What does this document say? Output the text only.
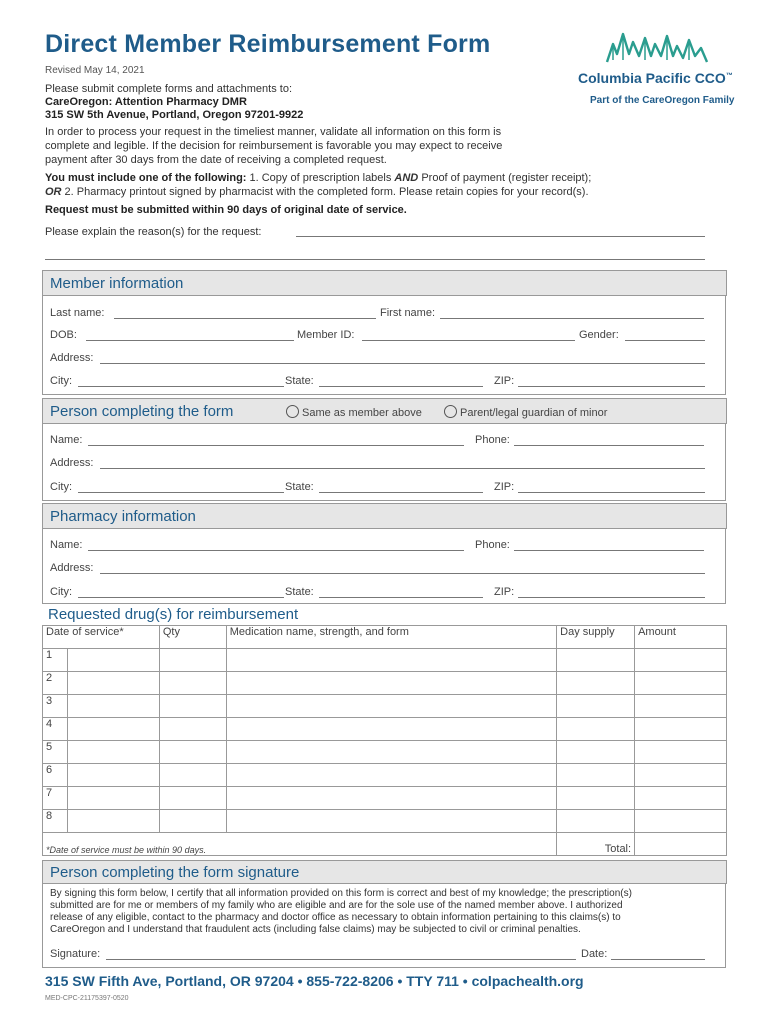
Direct Member Reimbursement Form
Revised May 14, 2021	Columbia Pacific CCO™
Part of the CareOregon Family
Please submit complete forms and attachments to:
CareOregon: Attention Pharmacy DMR
315 SW 5th Avenue, Portland, Oregon 97201-9922
In order to process your request in the timeliest manner, validate all information on this form is
complete and legible. If the decision for reimbursement is favorable you may expect to receive
payment after 30 days from the date of receiving a completed request.
You must include one of the following: 1. Copy of prescription labels AND Proof of payment (register receipt);
OR 2. Pharmacy printout signed by pharmacist with the completed form. Please retain copies for your record(s).
Request must be submitted within 90 days of original date of service.
Please explain the reason(s) for the request:
Member information
Last name:	First name:
DOB:	Member ID:	Gender:
Address:
City:	State:	ZIP:
Person completing the form	Same as member above	Parent/legal guardian of minor
Name:	Phone:
Address:
City:	State:	ZIP:
Pharmacy information
Name:	Phone:
Address:
City:	State:	ZIP:
Requested drug(s) for reimbursement
Date of service*		Qty	Medication name, strength, and form	Day supply	Amount
1					
2					
3					
4					
5					
6					
7					
8					
*Date of service must be within 90 days.				Total:	
Person completing the form signature
By signing this form below, I certify that all information provided on this form is correct and best of my knowledge; the prescription(s)
submitted are for me or members of my family who are eligible and are for the sole use of the named member above. I authorized
release of any eligible, contact to the pharmacy and doctor office as necessary to obtain information pertaining to this claims(s) to
CareOregon and I understand that fraudulent acts (including false claims) may be subjected to civil or criminal penalties.
Signature:	Date:
315 SW Fifth Ave, Portland, OR 97204 • 855-722-8206 • TTY 711 • colpachealth.org
MED-CPC-21175397-0520
